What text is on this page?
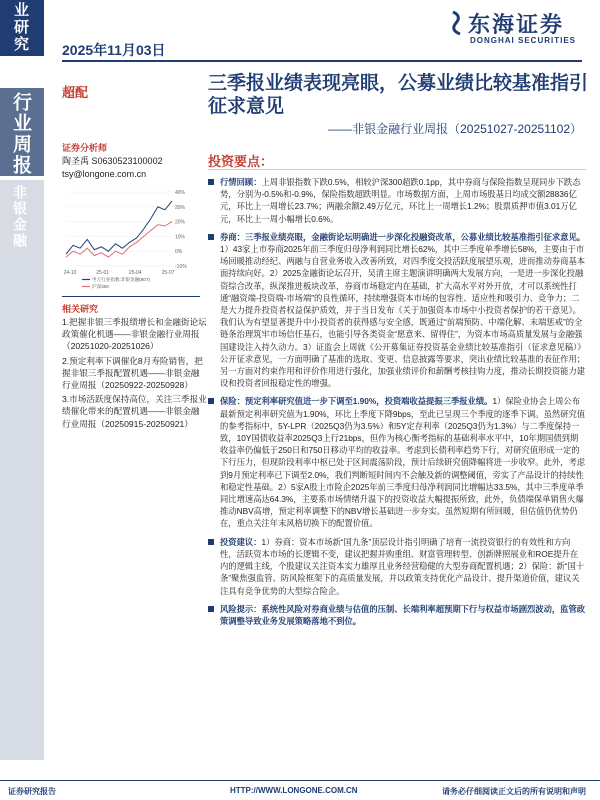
业研究
行业周报
非银金融
2025年11月03日
东海证券
DONGHAI SECURITIES
超配	三季报业绩表现亮眼，公募业绩比较基准指引征求意见
——非银金融行业周报（20251027-20251102）
证券分析师
陶圣禹 S0630523100002
tsy@longone.com.cn
40%
30%
20%
10%
0%
-10%
24-10	25-01	25-04	25-07
申万行业指数:非银金融(807)
沪深300
相关研究

1.把握非银三季报绩增长和金融街论坛政策催化机遇——非银金融行业周报（20251020-20251026）

2.预定利率下调催化8月寿险销售，把握非银三季报配置机遇——非银金融行业周报（20250922-20250928）

3.市场活跃度保持高位，关注三季报业绩催化带来的配置机遇——非银金融行业周报（20250915-20250921）

投资要点：
行情回顾：上周非银指数下跌0.5%，相较沪深300超跌0.1pp，其中券商与保险指数呈现同步下跌态势，分别为-0.5%和-0.9%，保险指数超跌明显。市场数据方面，上周市场股基日均成交额28836亿元，环比上一周增长23.7%；两融余额2.49万亿元，环比上一周增长1.2%；股票质押市值3.01万亿元，环比上一周小幅增长0.6%。
券商：三季报业绩亮眼，金融街论坛明确进一步深化投融资改革，公募业绩比较基准指引征求意见。1）43家上市券商2025年前三季度归母净利润同比增长62%，其中三季度单季增长58%，主要由于市场回暖推动经纪、两融与自营业务收入改善所致，对四季度交投活跃度展望乐观，进而推动券商基本面持续向好。2）2025金融街论坛召开，吴清主席主题演讲明确两大发展方向，一是进一步深化投融资综合改革，纵深推进板块改革，券商市场稳定内在基础，扩大高水平对外开放，才可以系统性打通“融资端-投资端-市场端”的良性循环，持续增强资本市场的包容性、适应性和吸引力、竞争力；二是大力提升投资者权益保护质效，并于当日发布《关于加强资本市场中小投资者保护的若干意见》。我们认为有望显著提升中小投资者的获得感与安全感，既通过“前端预防、中端化解、末端惩戒”的全链条治理筑牢市场信任基石，也能引导各类资金“愿意来、留得住”，为资本市场高质量发展与金融强国建设注入持久动力。3）证监会上周就《公开募集证券投资基金业绩比较基准指引（征求意见稿）》公开征求意见，一方面明确了基准的选取、变更、信息披露等要求，突出业绩比较基准的表征作用；另一方面对约束作用和评价作用进行强化，加强业绩评价和薪酬考核挂钩力度，推动长期投资能力建设和投资者回报稳定性的增强。
保险：预定利率研究值进一步下调至1.90%，投资端收益提振三季报业绩。1）保险业协会上周公布最新预定利率研究值为1.90%，环比上季度下降9bps，至此已呈现三个季度的逐季下调。虽然研究值的参考指标中，5Y-LPR（2025Q3仍为3.5%）和5Y定存利率（2025Q3仍为1.3%）与二季度保持一致，10Y国债收益率2025Q3上行21bps，但作为核心衡考指标的基础利率水平中，10年期国债到期收益率仍偏低于250日和750日移动平均的收益率。考虑到长债利率趋势下行，对研究值形成一定的下行压力，但现阶段利率中枢已处于区间震荡阶段，预计后续研究值降幅将进一步收窄。此外，考虑到9月预定利率已下调至2.0%，我们判断短时间内不会触及新的调整阈值，旁实了产品设计的持续性和稳定性基础。2）5家A股上市险企2025年前三季度归母净利润同比增幅达33.5%，其中三季度单季同比增速高达64.3%，主要系市场情绪升温下的投资收益大幅提振所致，此外，负债端保单销售火爆推动NBV高增，预定利率调整下的NBV增长基础进一步夯实。虽然短期有所回暖，但估值仍优势仍在，重点关注年末风格切换下的配置价值。
投资建议：1）券商：资本市场新“国九条”顶层设计指引明确了培育一流投资银行的有效性和方向性，活跃资本市场的长逻辑不变，建议把握并购重组、财富管理转型、创新牌照展业和ROE提升在内的逻辑主线，个股建议关注资本实力雄厚且业务经营稳健的大型券商配置机遇；2）保险：新“国十条”聚焦强监管、防风险框架下的高质量发展，并以政策支持优化产品设计、提升渠道价值，建议关注具有竞争优势的大型综合险企。
风险提示：系统性风险对券商业绩与估值的压制、长端利率超预期下行与权益市场剧烈波动，监管政策调整导致业务发展策略落地不到位。
证券研究报告	HTTP://WWW.LONGONE.COM.CN	请务必仔细阅读正文后的所有说明和声明
